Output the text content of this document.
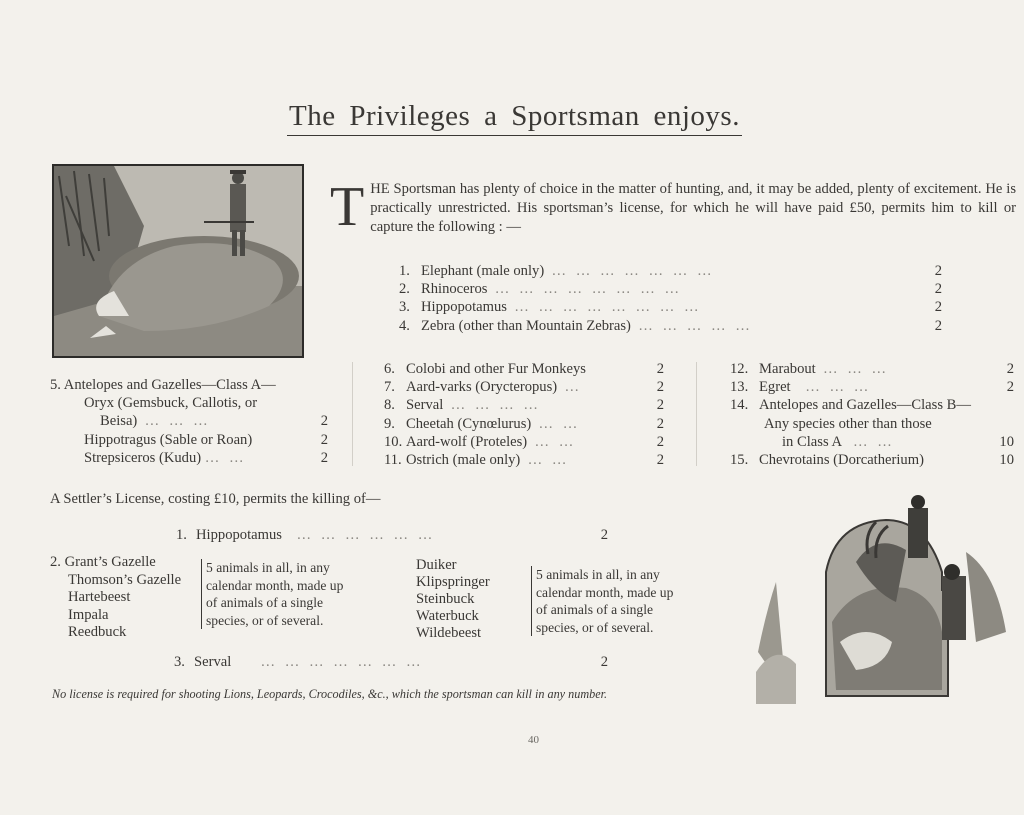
The Privileges a Sportsman enjoys.
T HE Sportsman has plenty of choice in the matter of hunting, and, it may be added, plenty of excitement. He is practically unrestricted. His sportsman’s license, for which he will have paid £50, permits him to kill or capture the following : —
1. Elephant (male only) … … … … … … …	2
2. Rhinoceros … … … … … … … …	2
3. Hippopotamus … … … … … … … …	2
4. Zebra (other than Mountain Zebras) … … … … …	2
5. Antelopes and Gazelles—Class A—
Oryx (Gemsbuck, Callotis, or
Beisa) … … …	2
Hippotragus (Sable or Roan)	2
Strepsiceros (Kudu) … …	2
6. Colobi and other Fur Monkeys	2
7. Aard-varks (Orycteropus) …	2
8. Serval … … … …	2
9. Cheetah (Cynœlurus) … …	2
10. Aard-wolf (Proteles) … …	2
11. Ostrich (male only) … …	2
12. Marabout … … …	2
13. Egret … … …	2
14. Antelopes and Gazelles—Class B—
Any species other than those
in Class A … …	10
15. Chevrotains (Dorcatherium)	10
A Settler’s License, costing £10, permits the killing of—
1. Hippopotamus … … … … … …	2
2. Grant’s Gazelle
Thomson’s Gazelle
Hartebeest
Impala
Reedbuck
5 animals in all, in any
calendar month, made up
of animals of a single
species, or of several.
Duiker
Klipspringer
Steinbuck
Waterbuck
Wildebeest
5 animals in all, in any
calendar month, made up
of animals of a single
species, or of several.
3. Serval … … … … … … …	2
No license is required for shooting Lions, Leopards, Crocodiles, &c., which the sportsman can kill in any number.
40
